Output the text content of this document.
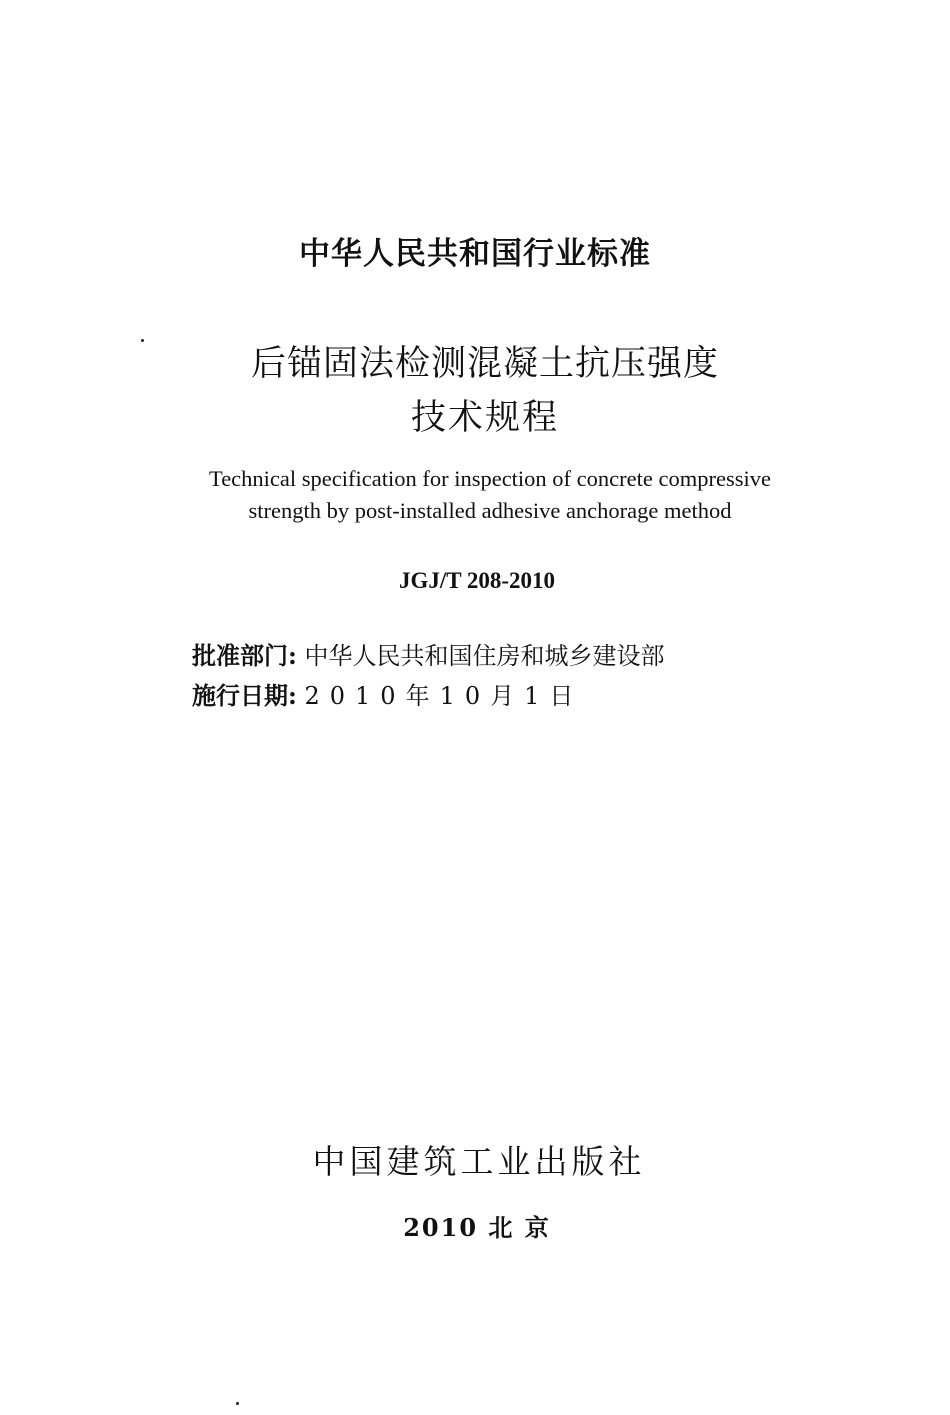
中华人民共和国行业标准
后锚固法检测混凝土抗压强度
技术规程
Technical specification for inspection of concrete compressive
strength by post-installed adhesive anchorage method
JGJ/T 208-2010
批准部门: 中华人民共和国住房和城乡建设部
施行日期: 2010年10月1日
中国建筑工业出版社
2010 北 京
